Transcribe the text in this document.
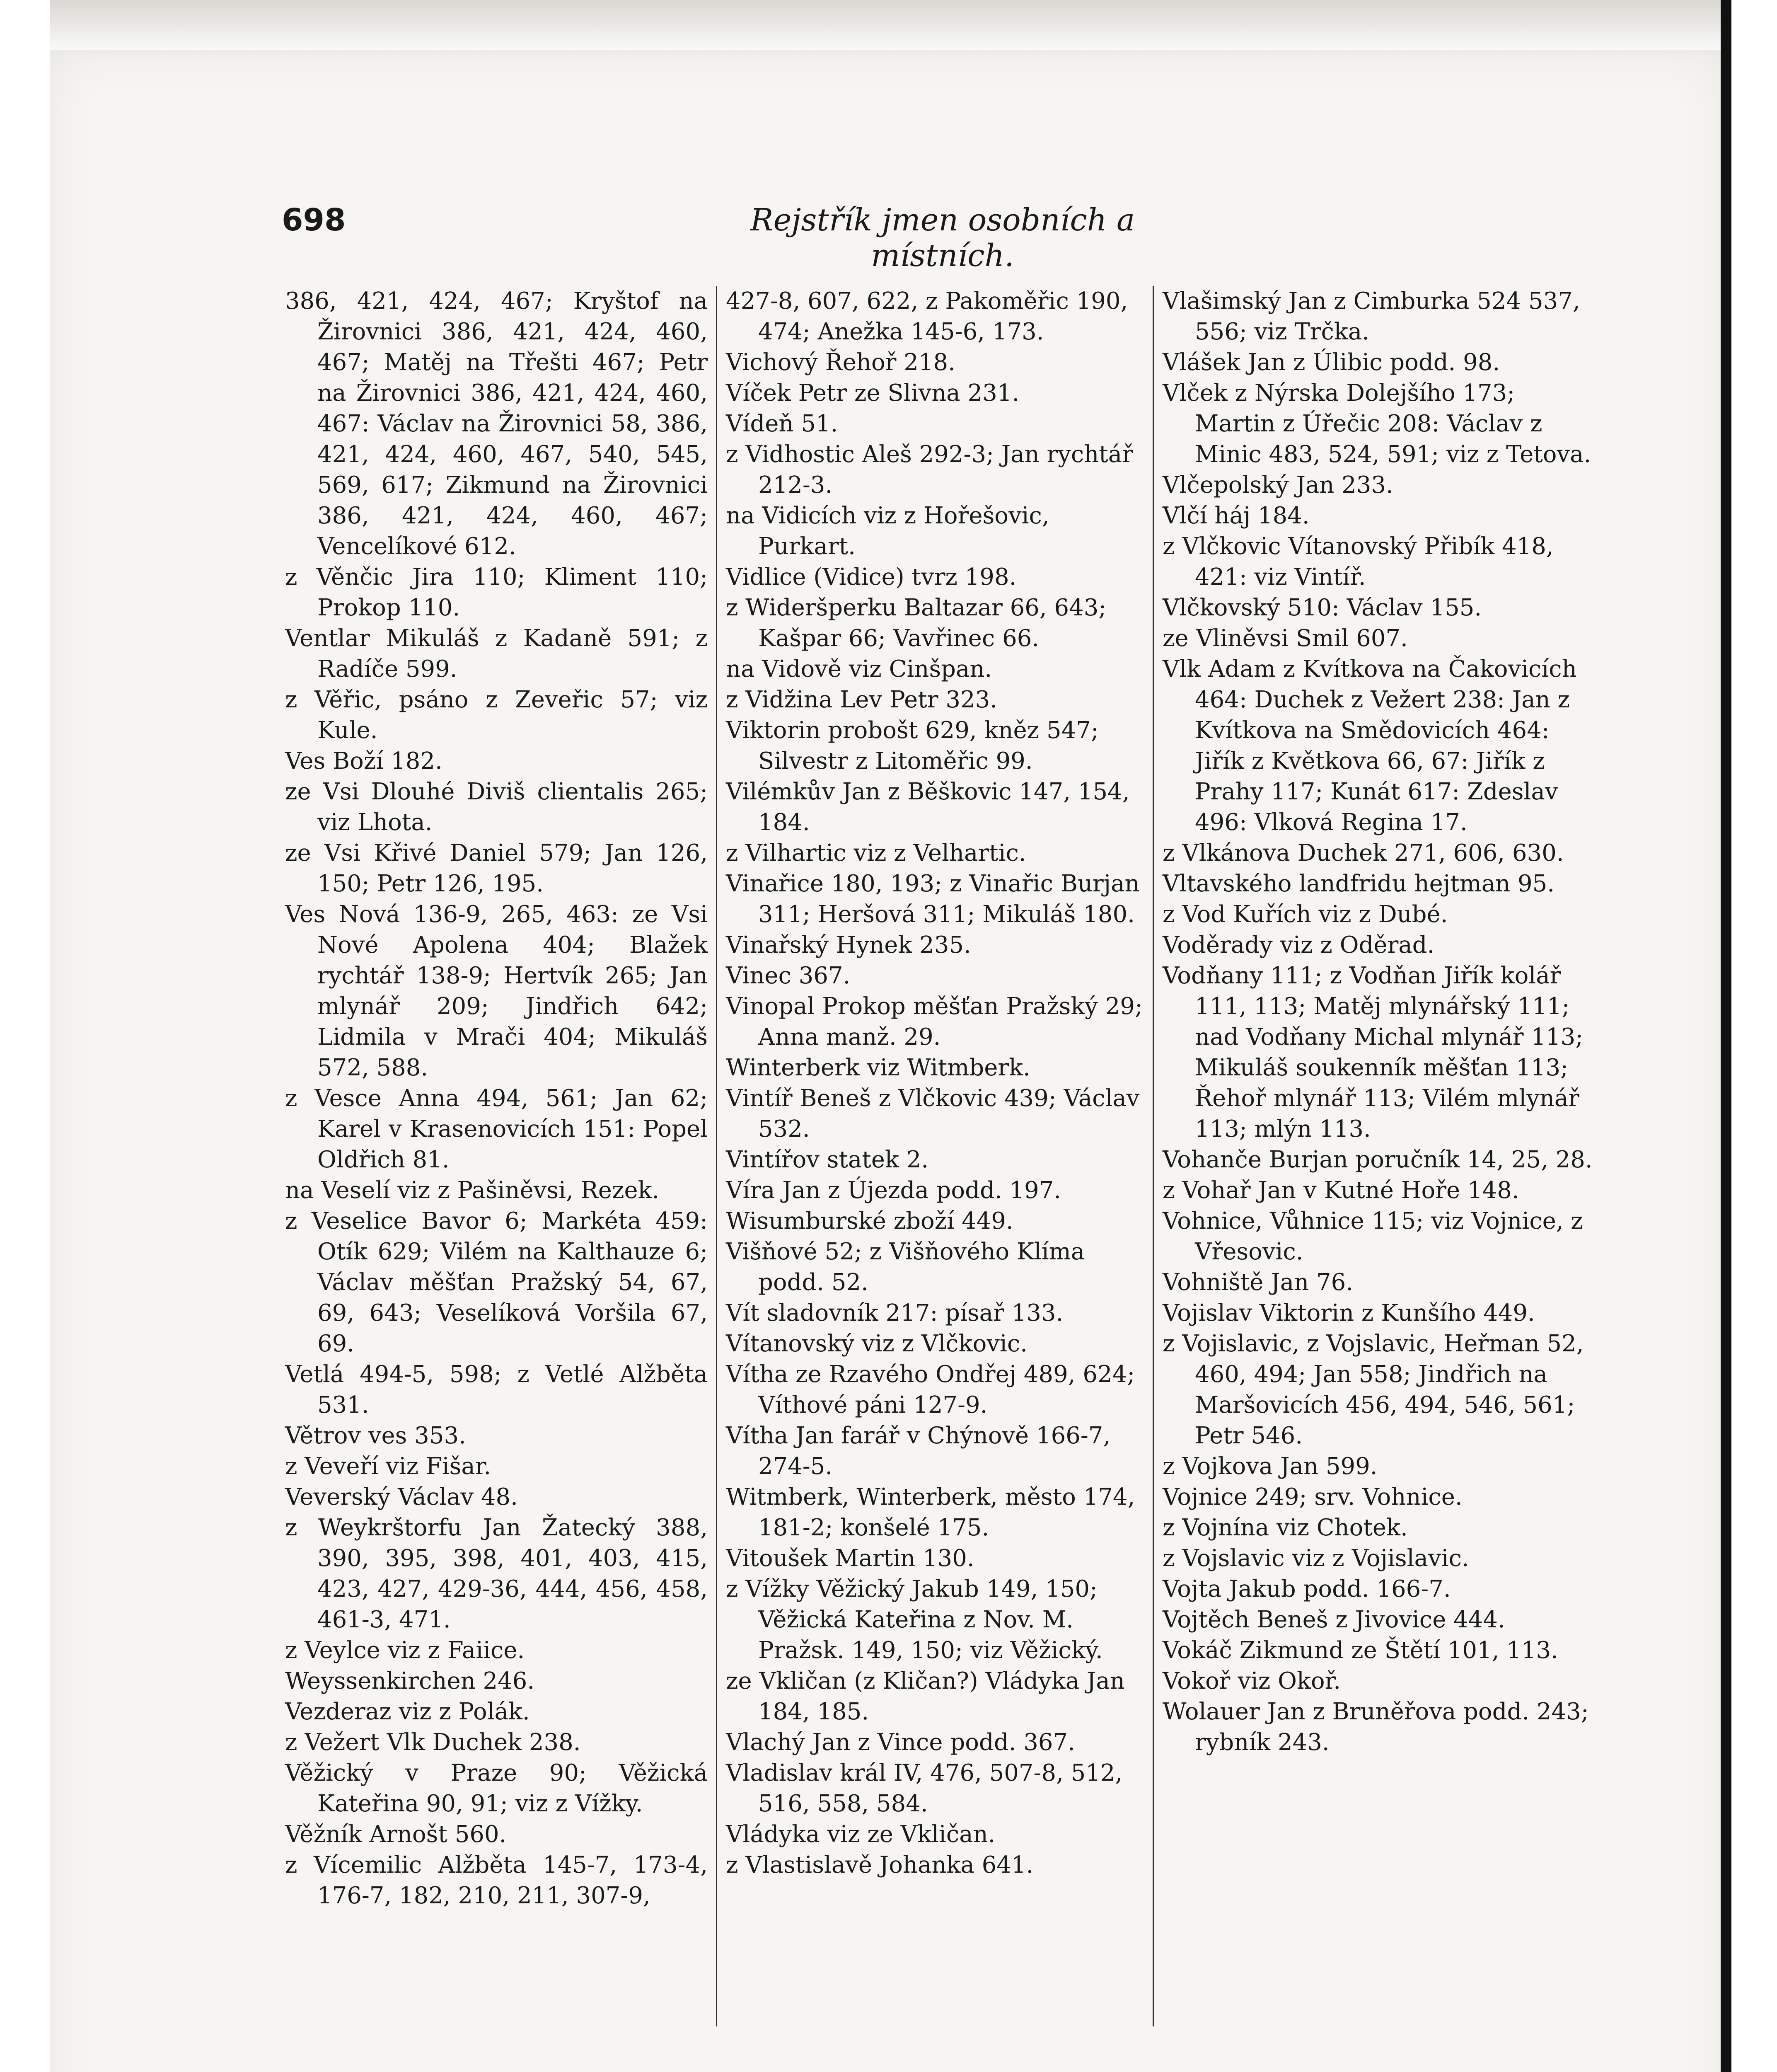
698	Rejstřík jmen osobních a místních.

386, 421, 424, 467; Kryštof na Žirovnici 386, 421, 424, 460, 467; Matěj na Třešti 467; Petr na Žirovnici 386, 421, 424, 460, 467: Václav na Žirovnici 58, 386, 421, 424, 460, 467, 540, 545, 569, 617; Zikmund na Žirovnici 386, 421, 424, 460, 467; Vencelíkové 612.

z Věnčic Jira 110; Kliment 110; Prokop 110.

Ventlar Mikuláš z Kadaně 591; z Radíče 599.

z Věřic, psáno z Zeveřic 57; viz Kule.

Ves Boží 182.

ze Vsi Dlouhé Diviš clientalis 265; viz Lhota.

ze Vsi Křivé Daniel 579; Jan 126, 150; Petr 126, 195.

Ves Nová 136-9, 265, 463: ze Vsi Nové Apolena 404; Blažek rychtář 138-9; Hertvík 265; Jan mlynář 209; Jindřich 642; Lidmila v Mrači 404; Mikuláš 572, 588.

z Vesce Anna 494, 561; Jan 62; Karel v Krasenovicích 151: Popel Oldřich 81.

na Veselí viz z Pašiněvsi, Rezek.

z Veselice Bavor 6; Markéta 459: Otík 629; Vilém na Kalthauze 6; Václav měšťan Pražský 54, 67, 69, 643; Veselíková Voršila 67, 69.

Vetlá 494-5, 598; z Vetlé Alžběta 531.

Větrov ves 353.

z Veveří viz Fišar.

Veverský Václav 48.

z Weykrštorfu Jan Žatecký 388, 390, 395, 398, 401, 403, 415, 423, 427, 429-36, 444, 456, 458, 461-3, 471.

z Veylce viz z Faiice.

Weyssenkirchen 246.

Vezderaz viz z Polák.

z Vežert Vlk Duchek 238.

Věžický v Praze 90; Věžická Kateřina 90, 91; viz z Vížky.

Věžník Arnošt 560.

z Vícemilic Alžběta 145-7, 173-4, 176-7, 182, 210, 211, 307-9,

427-8, 607, 622, z Pakoměřic 190, 474; Anežka 145-6, 173.

Vichový Řehoř 218.

Víček Petr ze Slivna 231.

Vídeň 51.

z Vidhostic Aleš 292-3; Jan rychtář 212-3.

na Vidicích viz z Hořešovic, Purkart.

Vidlice (Vidice) tvrz 198.

z Wideršperku Baltazar 66, 643; Kašpar 66; Vavřinec 66.

na Vidově viz Cinšpan.

z Vidžina Lev Petr 323.

Viktorin probošt 629, kněz 547; Silvestr z Litoměřic 99.

Vilémkův Jan z Běškovic 147, 154, 184.

z Vilhartic viz z Velhartic.

Vinařice 180, 193; z Vinařic Burjan 311; Heršová 311; Mikuláš 180.

Vinařský Hynek 235.

Vinec 367.

Vinopal Prokop měšťan Pražský 29; Anna manž. 29.

Winterberk viz Witmberk.

Vintíř Beneš z Vlčkovic 439; Václav 532.

Vintířov statek 2.

Víra Jan z Újezda podd. 197.

Wisumburské zboží 449.

Višňové 52; z Višňového Klíma podd. 52.

Vít sladovník 217: písař 133.

Vítanovský viz z Vlčkovic.

Vítha ze Rzavého Ondřej 489, 624; Víthové páni 127-9.

Vítha Jan farář v Chýnově 166-7, 274-5.

Witmberk, Winterberk, město 174, 181-2; konšelé 175.

Vitoušek Martin 130.

z Vížky Věžický Jakub 149, 150; Věžická Kateřina z Nov. M. Pražsk. 149, 150; viz Věžický.

ze Vkličan (z Kličan?) Vládyka Jan 184, 185.

Vlachý Jan z Vince podd. 367.

Vladislav král IV, 476, 507-8, 512, 516, 558, 584.

Vládyka viz ze Vkličan.

z Vlastislavě Johanka 641.

Vlašimský Jan z Cimburka 524 537, 556; viz Trčka.

Vlášek Jan z Úlibic podd. 98.

Vlček z Nýrska Dolejšího 173; Martin z Úřečic 208: Václav z Minic 483, 524, 591; viz z Tetova.

Vlčepolský Jan 233.

Vlčí háj 184.

z Vlčkovic Vítanovský Přibík 418, 421: viz Vintíř.

Vlčkovský 510: Václav 155.

ze Vliněvsi Smil 607.

Vlk Adam z Kvítkova na Čakovicích 464: Duchek z Vežert 238: Jan z Kvítkova na Smědovicích 464: Jiřík z Květkova 66, 67: Jiřík z Prahy 117; Kunát 617: Zdeslav 496: Vlková Regina 17.

z Vlkánova Duchek 271, 606, 630.

Vltavského landfridu hejtman 95.

z Vod Kuřích viz z Dubé.

Voděrady viz z Oděrad.

Vodňany 111; z Vodňan Jiřík kolář 111, 113; Matěj mlynářský 111; nad Vodňany Michal mlynář 113; Mikuláš soukenník měšťan 113; Řehoř mlynář 113; Vilém mlynář 113; mlýn 113.

Vohanče Burjan poručník 14, 25, 28.

z Vohař Jan v Kutné Hoře 148.

Vohnice, Vůhnice 115; viz Vojnice, z Vřesovic.

Vohniště Jan 76.

Vojislav Viktorin z Kunšího 449.

z Vojislavic, z Vojslavic, Heřman 52, 460, 494; Jan 558; Jindřich na Maršovicích 456, 494, 546, 561; Petr 546.

z Vojkova Jan 599.

Vojnice 249; srv. Vohnice.

z Vojnína viz Chotek.

z Vojslavic viz z Vojislavic.

Vojta Jakub podd. 166-7.

Vojtěch Beneš z Jivovice 444.

Vokáč Zikmund ze Štětí 101, 113.

Vokoř viz Okoř.

Wolauer Jan z Bruněřova podd. 243; rybník 243.
